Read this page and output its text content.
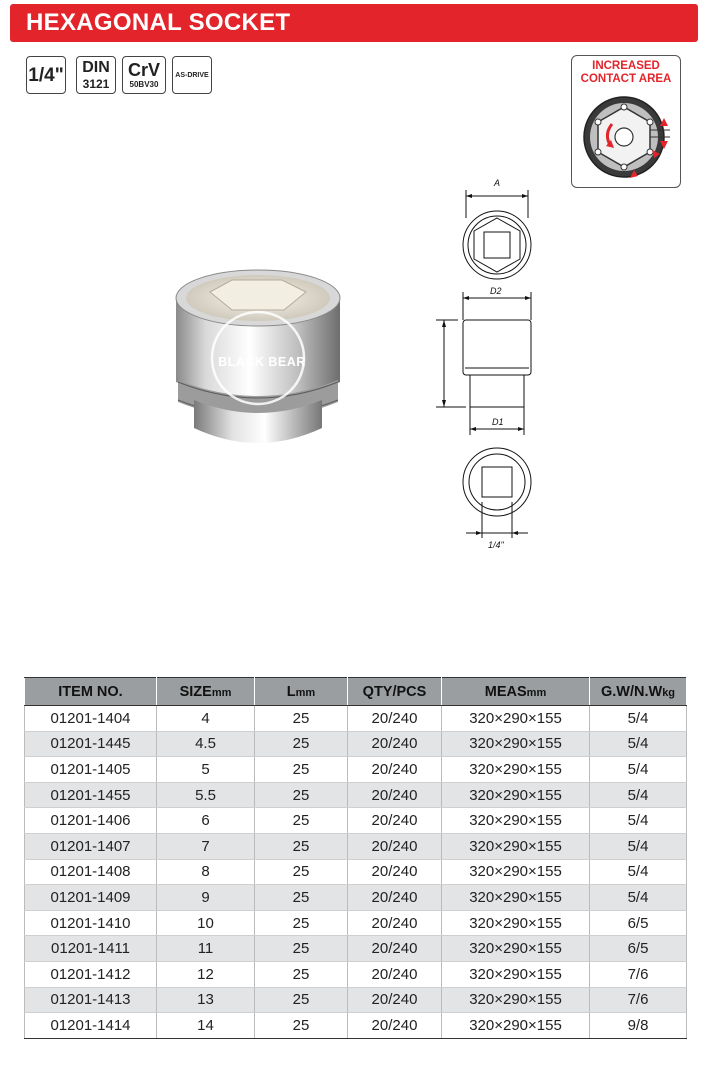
HEXAGONAL SOCKET
1/4" DIN
3121
CrV
50BV30
AS-DRIVE
INCREASED
CONTACT AREA
BLACK BEAR
A
D2
D1
1/4"
ITEM NO.	SIZEmm	Lmm	QTY/PCS	MEASmm	G.W/N.Wkg
01201-1404	4	25	20/240	320×290×155	5/4
01201-1445	4.5	25	20/240	320×290×155	5/4
01201-1405	5	25	20/240	320×290×155	5/4
01201-1455	5.5	25	20/240	320×290×155	5/4
01201-1406	6	25	20/240	320×290×155	5/4
01201-1407	7	25	20/240	320×290×155	5/4
01201-1408	8	25	20/240	320×290×155	5/4
01201-1409	9	25	20/240	320×290×155	5/4
01201-1410	10	25	20/240	320×290×155	6/5
01201-1411	11	25	20/240	320×290×155	6/5
01201-1412	12	25	20/240	320×290×155	7/6
01201-1413	13	25	20/240	320×290×155	7/6
01201-1414	14	25	20/240	320×290×155	9/8
